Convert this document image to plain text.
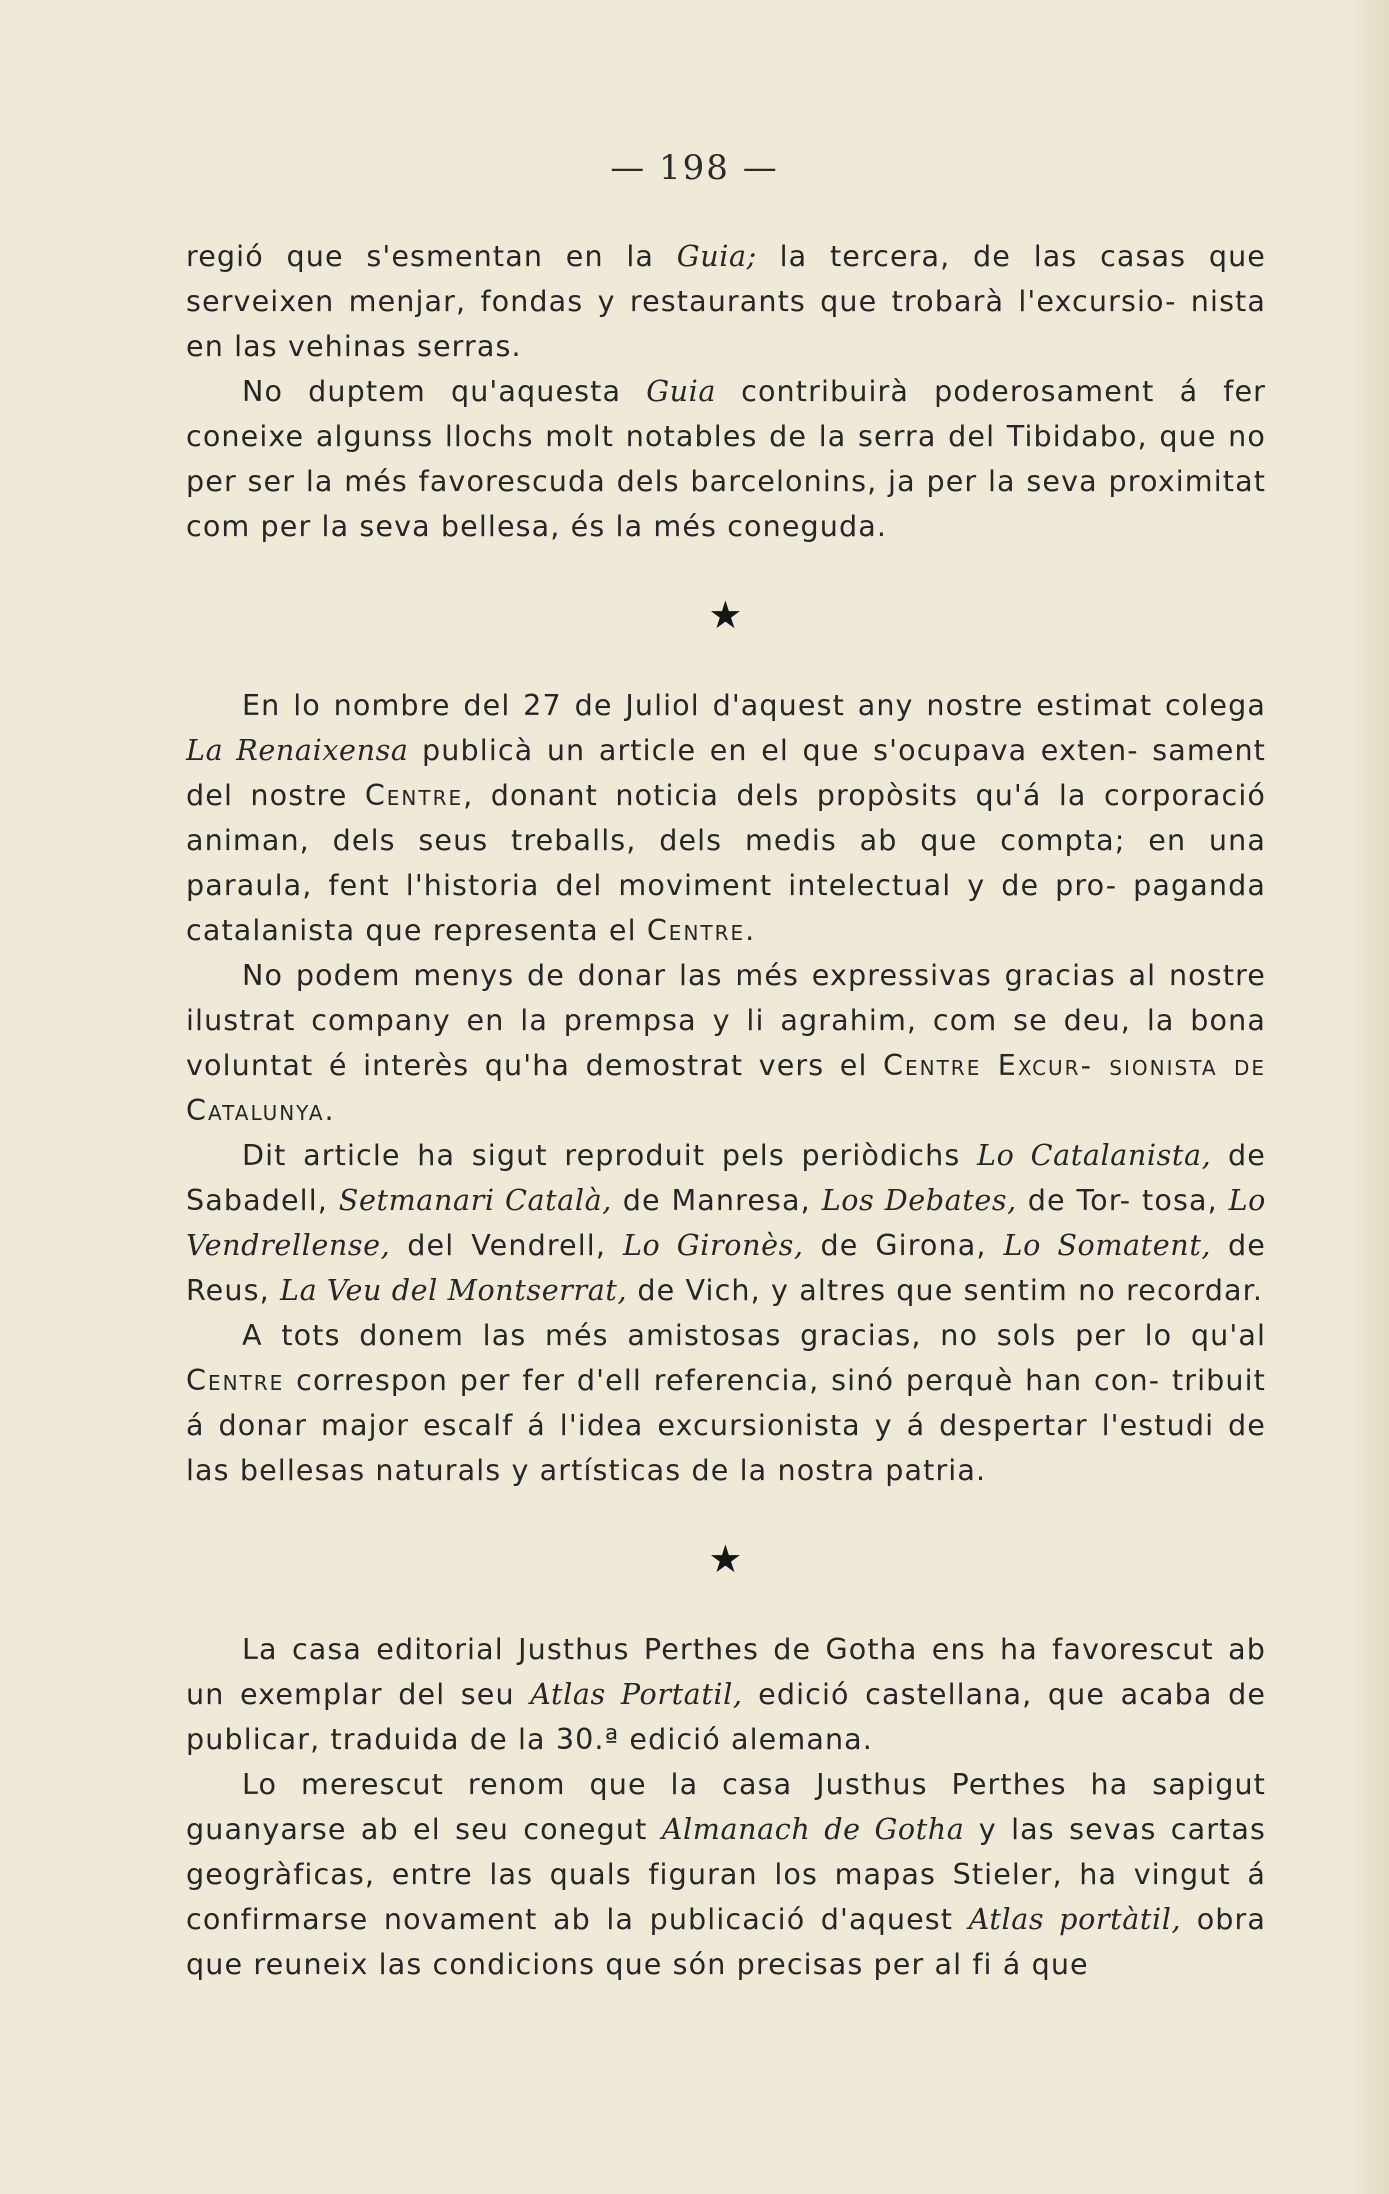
— 198 —

regió que s'esmentan en la Guia; la tercera, de las casas que serveixen menjar, fondas y restaurants que trobarà l'excursio- nista en las vehinas serras.

No duptem qu'aquesta Guia contribuirà poderosament á fer coneixe algunss llochs molt notables de la serra del Tibidabo, que no per ser la més favorescuda dels barcelonins, ja per la seva proximitat com per la seva bellesa, és la més coneguda.

★

En lo nombre del 27 de Juliol d'aquest any nostre estimat colega La Renaixensa publicà un article en el que s'ocupava exten- sament del nostre Centre, donant noticia dels propòsits qu'á la corporació animan, dels seus treballs, dels medis ab que compta; en una paraula, fent l'historia del moviment intelectual y de pro- paganda catalanista que representa el Centre.

No podem menys de donar las més expressivas gracias al nostre ilustrat company en la prempsa y li agrahim, com se deu, la bona voluntat é interès qu'ha demostrat vers el Centre Excur- sionista de Catalunya.

Dit article ha sigut reproduit pels periòdichs Lo Catalanista, de Sabadell, Setmanari Català, de Manresa, Los Debates, de Tor- tosa, Lo Vendrellense, del Vendrell, Lo Gironès, de Girona, Lo Somatent, de Reus, La Veu del Montserrat, de Vich, y altres que sentim no recordar.

A tots donem las més amistosas gracias, no sols per lo qu'al Centre correspon per fer d'ell referencia, sinó perquè han con- tribuit á donar major escalf á l'idea excursionista y á despertar l'estudi de las bellesas naturals y artísticas de la nostra patria.

★

La casa editorial Justhus Perthes de Gotha ens ha favorescut ab un exemplar del seu Atlas Portatil, edició castellana, que acaba de publicar, traduida de la 30.ª edició alemana.

Lo merescut renom que la casa Justhus Perthes ha sapigut guanyarse ab el seu conegut Almanach de Gotha y las sevas cartas geogràficas, entre las quals figuran los mapas Stieler, ha vingut á confirmarse novament ab la publicació d'aquest Atlas portàtil, obra que reuneix las condicions que són precisas per al fi á que
